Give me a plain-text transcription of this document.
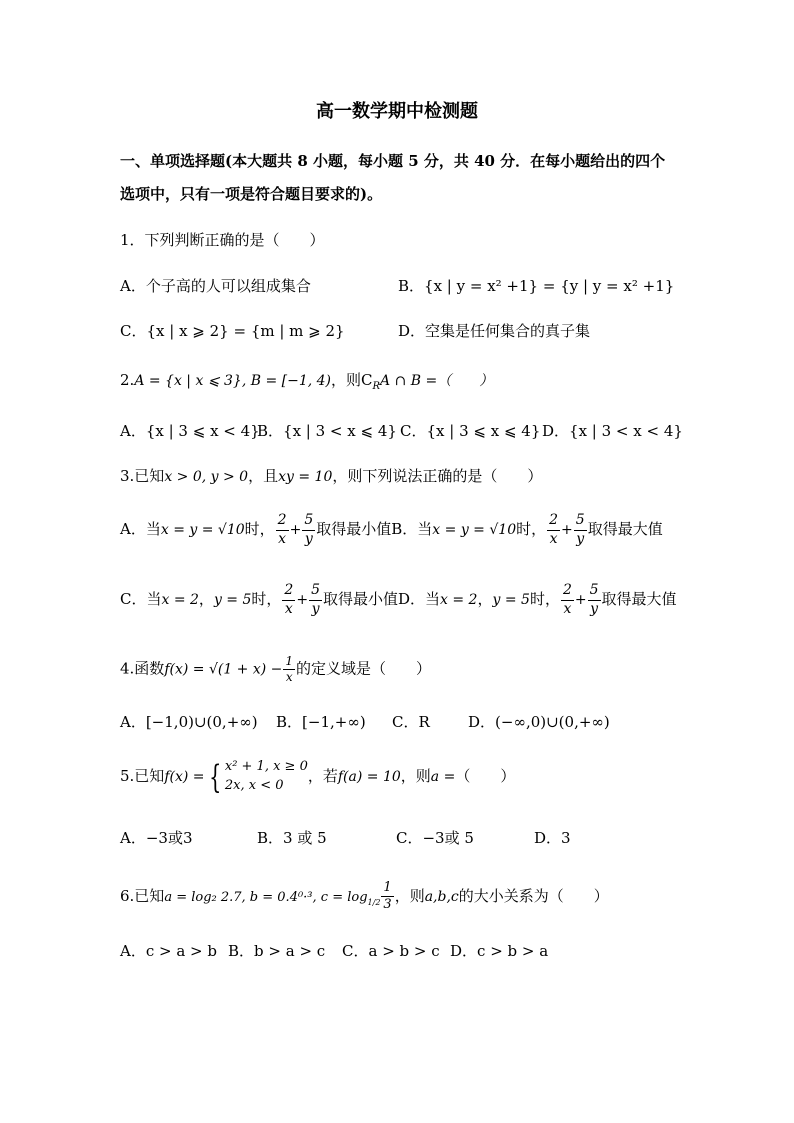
高一数学期中检测题
一、单项选择题(本大题共 8 小题，每小题 5 分，共 40 分．在每小题给出的四个
选项中，只有一项是符合题目要求的)。
1．下列判断正确的是（　　）
A．个子高的人可以组成集合	B．{x | y = x² +1} = {y | y = x² +1}
C．{x | x ⩾ 2} = {m | m ⩾ 2}	D．空集是任何集合的真子集
2.A = {x | x ⩽ 3}, B = [−1, 4)，则$C_RA$ ∩ B =（　　）
A．{x | 3 ⩽ x < 4}
B．{x | 3 < x ⩽ 4} C．{x | 3 ⩽ x ⩽ 4} D．{x | 3 < x < 4}
3.已知x > 0, y > 0，且xy = 10，则下列说法正确的是（　　）
A．当x = y = √10时， $\frac{2}{x} + \frac{5}{y}$ 取得最小值B．当x = y = √10时， $\frac{2}{x} + \frac{5}{y}$ 取得最大值
C．当x = 2，y = 5时， $\frac{2}{x} + \frac{5}{y}$ 取得最小值D．当x = 2，y = 5时， $\frac{2}{x} + \frac{5}{y}$ 取得最大值
4.函数$f(x) = √(1 + x) - \frac{1}{x}$ 的定义域是（　　）
A．[−1,0)∪(0,+∞) B．[−1,+∞) C．R	D．(−∞,0)∪(0,+∞)
5.已知f(x) = { x² + 1, x ≥ 0
2x, x < 0
，若f(a) = 10，则a =（　　）
A．−3或3	B．3 或 5	C．−3或 5	D．3
6.已知a = log₂ 2.7, b = 0.4⁰·³, $c = \log_{1/2} \frac{1}{3}$ ，则a,b,c的大小关系为（　　）
A．c > a > b B．b > a > c C．a > b > c D．c > b > a
